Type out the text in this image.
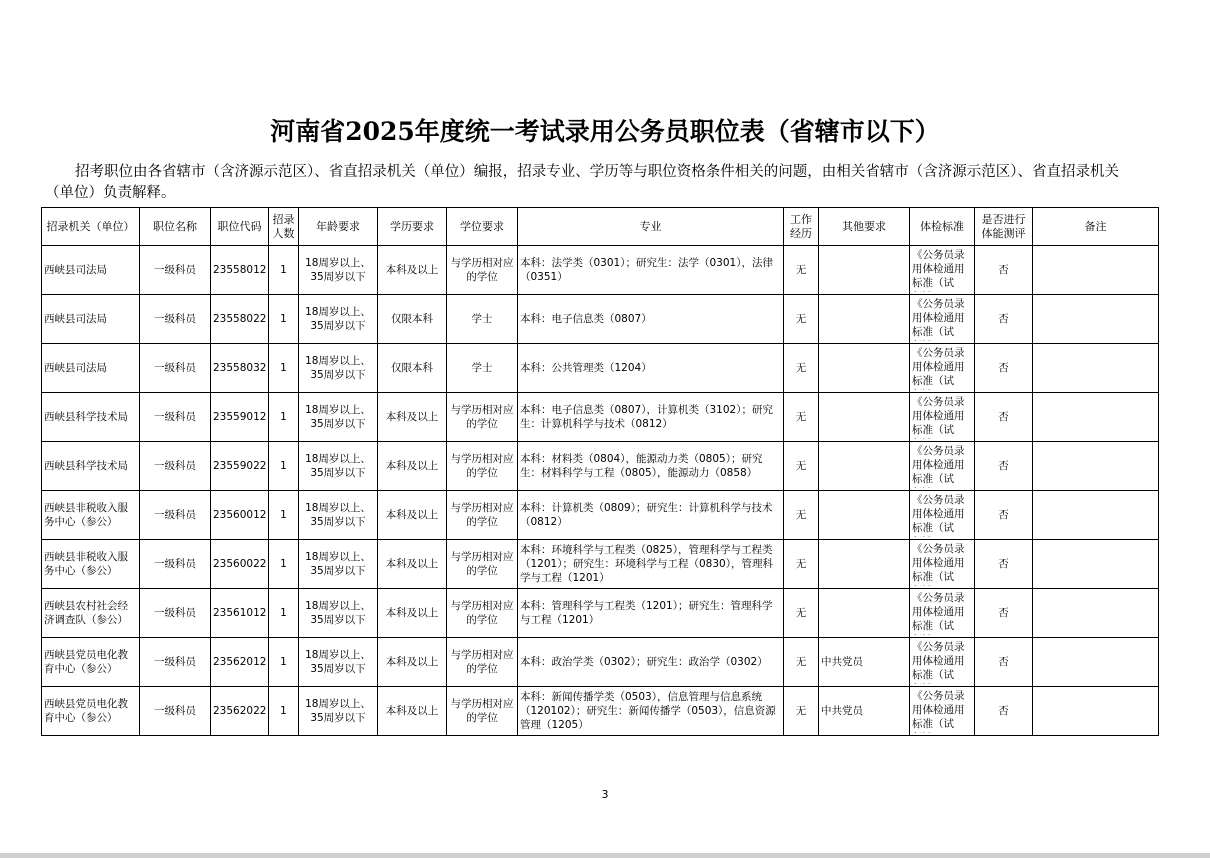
河南省2025年度统一考试录用公务员职位表（省辖市以下）
招考职位由各省辖市（含济源示范区）、省直招录机关（单位）编报，招录专业、学历等与职位资格条件相关的问题，由相关省辖市（含济源示范区）、省直招录机关（单位）负责解释。
招录机关（单位）	职位名称	职位代码	招录人数	年龄要求	学历要求	学位要求	专业	工作经历	其他要求	体检标准	是否进行体能测评	备注
西峡县司法局	一级科员	23558012	1	18周岁以上、35周岁以下	本科及以上	与学历相对应的学位	本科：法学类（0301）；研究生：法学（0301），法律（0351）	无		《公务员录用体检通用标准（试	否	
西峡县司法局	一级科员	23558022	1	18周岁以上、35周岁以下	仅限本科	学士	本科：电子信息类（0807）	无		《公务员录用体检通用标准（试	否	
西峡县司法局	一级科员	23558032	1	18周岁以上、35周岁以下	仅限本科	学士	本科：公共管理类（1204）	无		《公务员录用体检通用标准（试	否	
西峡县科学技术局	一级科员	23559012	1	18周岁以上、35周岁以下	本科及以上	与学历相对应的学位	本科：电子信息类（0807），计算机类（3102）；研究生：计算机科学与技术（0812）	无		《公务员录用体检通用标准（试	否	
西峡县科学技术局	一级科员	23559022	1	18周岁以上、35周岁以下	本科及以上	与学历相对应的学位	本科：材料类（0804），能源动力类（0805）；研究生：材料科学与工程（0805），能源动力（0858）	无		《公务员录用体检通用标准（试	否	
西峡县非税收入服务中心（参公）	一级科员	23560012	1	18周岁以上、35周岁以下	本科及以上	与学历相对应的学位	本科：计算机类（0809）；研究生：计算机科学与技术（0812）	无		《公务员录用体检通用标准（试	否	
西峡县非税收入服务中心（参公）	一级科员	23560022	1	18周岁以上、35周岁以下	本科及以上	与学历相对应的学位	本科：环境科学与工程类（0825），管理科学与工程类（1201）；研究生：环境科学与工程（0830），管理科学与工程（1201）	无		《公务员录用体检通用标准（试	否	
西峡县农村社会经济调查队（参公）	一级科员	23561012	1	18周岁以上、35周岁以下	本科及以上	与学历相对应的学位	本科：管理科学与工程类（1201）；研究生：管理科学与工程（1201）	无		《公务员录用体检通用标准（试	否	
西峡县党员电化教育中心（参公）	一级科员	23562012	1	18周岁以上、35周岁以下	本科及以上	与学历相对应的学位	本科：政治学类（0302）；研究生：政治学（0302）	无	中共党员	《公务员录用体检通用标准（试	否	
西峡县党员电化教育中心（参公）	一级科员	23562022	1	18周岁以上、35周岁以下	本科及以上	与学历相对应的学位	本科：新闻传播学类（0503），信息管理与信息系统（120102）；研究生：新闻传播学（0503），信息资源管理（1205）	无	中共党员	《公务员录用体检通用标准（试	否	
3
